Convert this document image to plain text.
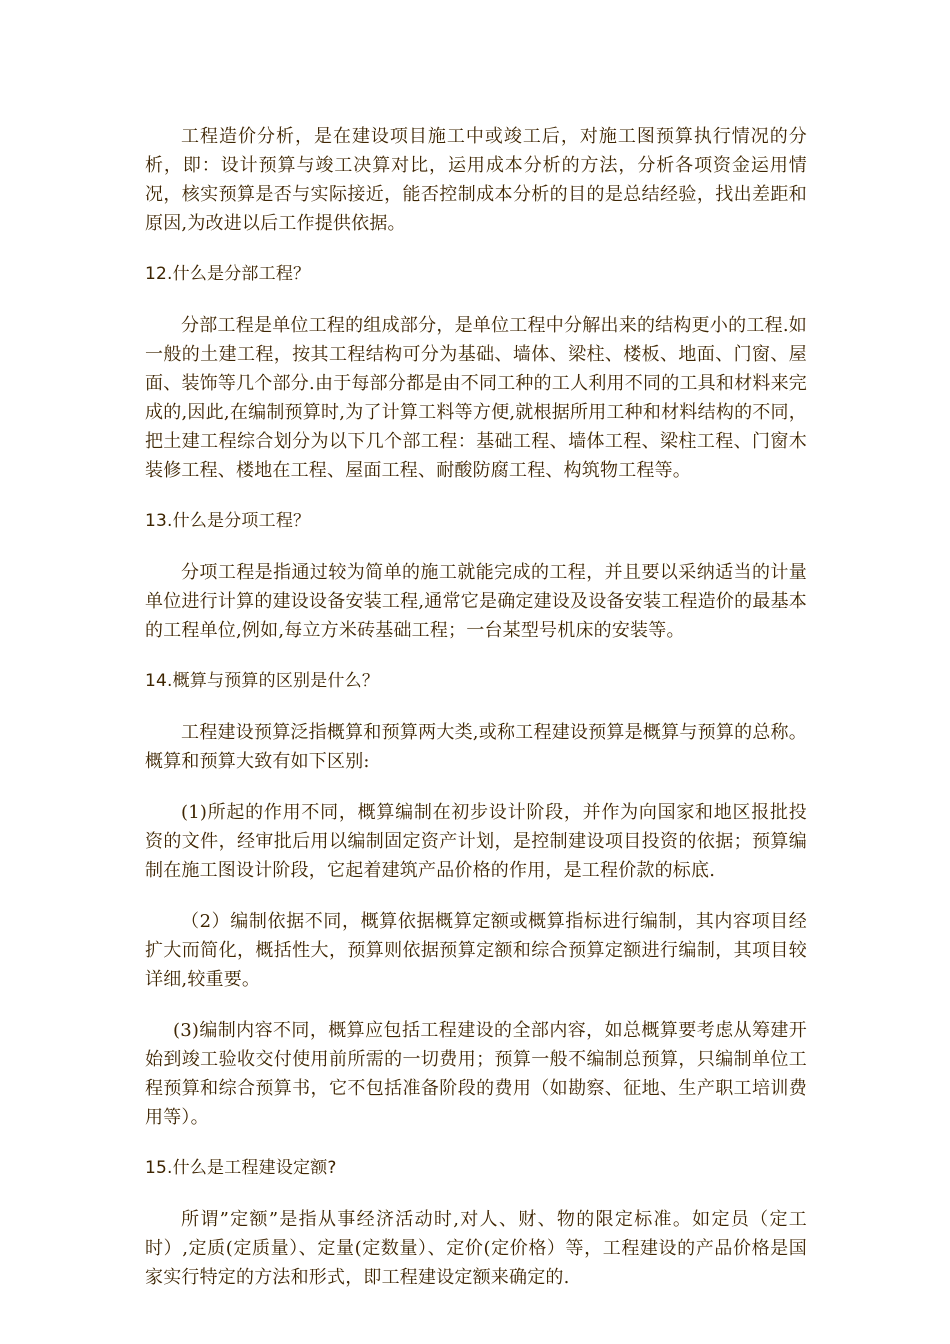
工程造价分析，是在建设项目施工中或竣工后，对施工图预算执行情况的分析，即：设计预算与竣工决算对比，运用成本分析的方法，分析各项资金运用情况，核实预算是否与实际接近，能否控制成本分析的目的是总结经验，找出差距和原因,为改进以后工作提供依据。

12.什么是分部工程？

分部工程是单位工程的组成部分，是单位工程中分解出来的结构更小的工程.如一般的土建工程，按其工程结构可分为基础、墙体、梁柱、楼板、地面、门窗、屋面、装饰等几个部分.由于每部分都是由不同工种的工人利用不同的工具和材料来完成的,因此,在编制预算时,为了计算工料等方便,就根据所用工种和材料结构的不同，把土建工程综合划分为以下几个部工程：基础工程、墙体工程、梁柱工程、门窗木装修工程、楼地在工程、屋面工程、耐酸防腐工程、构筑物工程等。

13.什么是分项工程？

分项工程是指通过较为简单的施工就能完成的工程，并且要以采纳适当的计量单位进行计算的建设设备安装工程,通常它是确定建设及设备安装工程造价的最基本的工程单位,例如,每立方米砖基础工程；一台某型号机床的安装等。

14.概算与预算的区别是什么？

工程建设预算泛指概算和预算两大类,或称工程建设预算是概算与预算的总称。概算和预算大致有如下区别:

(1)所起的作用不同，概算编制在初步设计阶段，并作为向国家和地区报批投资的文件，经审批后用以编制固定资产计划，是控制建设项目投资的依据；预算编制在施工图设计阶段，它起着建筑产品价格的作用，是工程价款的标底.

（2）编制依据不同，概算依据概算定额或概算指标进行编制，其内容项目经扩大而简化，概括性大，预算则依据预算定额和综合预算定额进行编制，其项目较详细,较重要。

(3)编制内容不同，概算应包括工程建设的全部内容，如总概算要考虑从筹建开始到竣工验收交付使用前所需的一切费用；预算一般不编制总预算，只编制单位工程预算和综合预算书，它不包括准备阶段的费用（如勘察、征地、生产职工培训费用等）。

15.什么是工程建设定额?

所谓”定额”是指从事经济活动时,对人、财、物的限定标准。如定员（定工时）,定质(定质量）、定量(定数量）、定价(定价格）等，工程建设的产品价格是国家实行特定的方法和形式，即工程建设定额来确定的.
